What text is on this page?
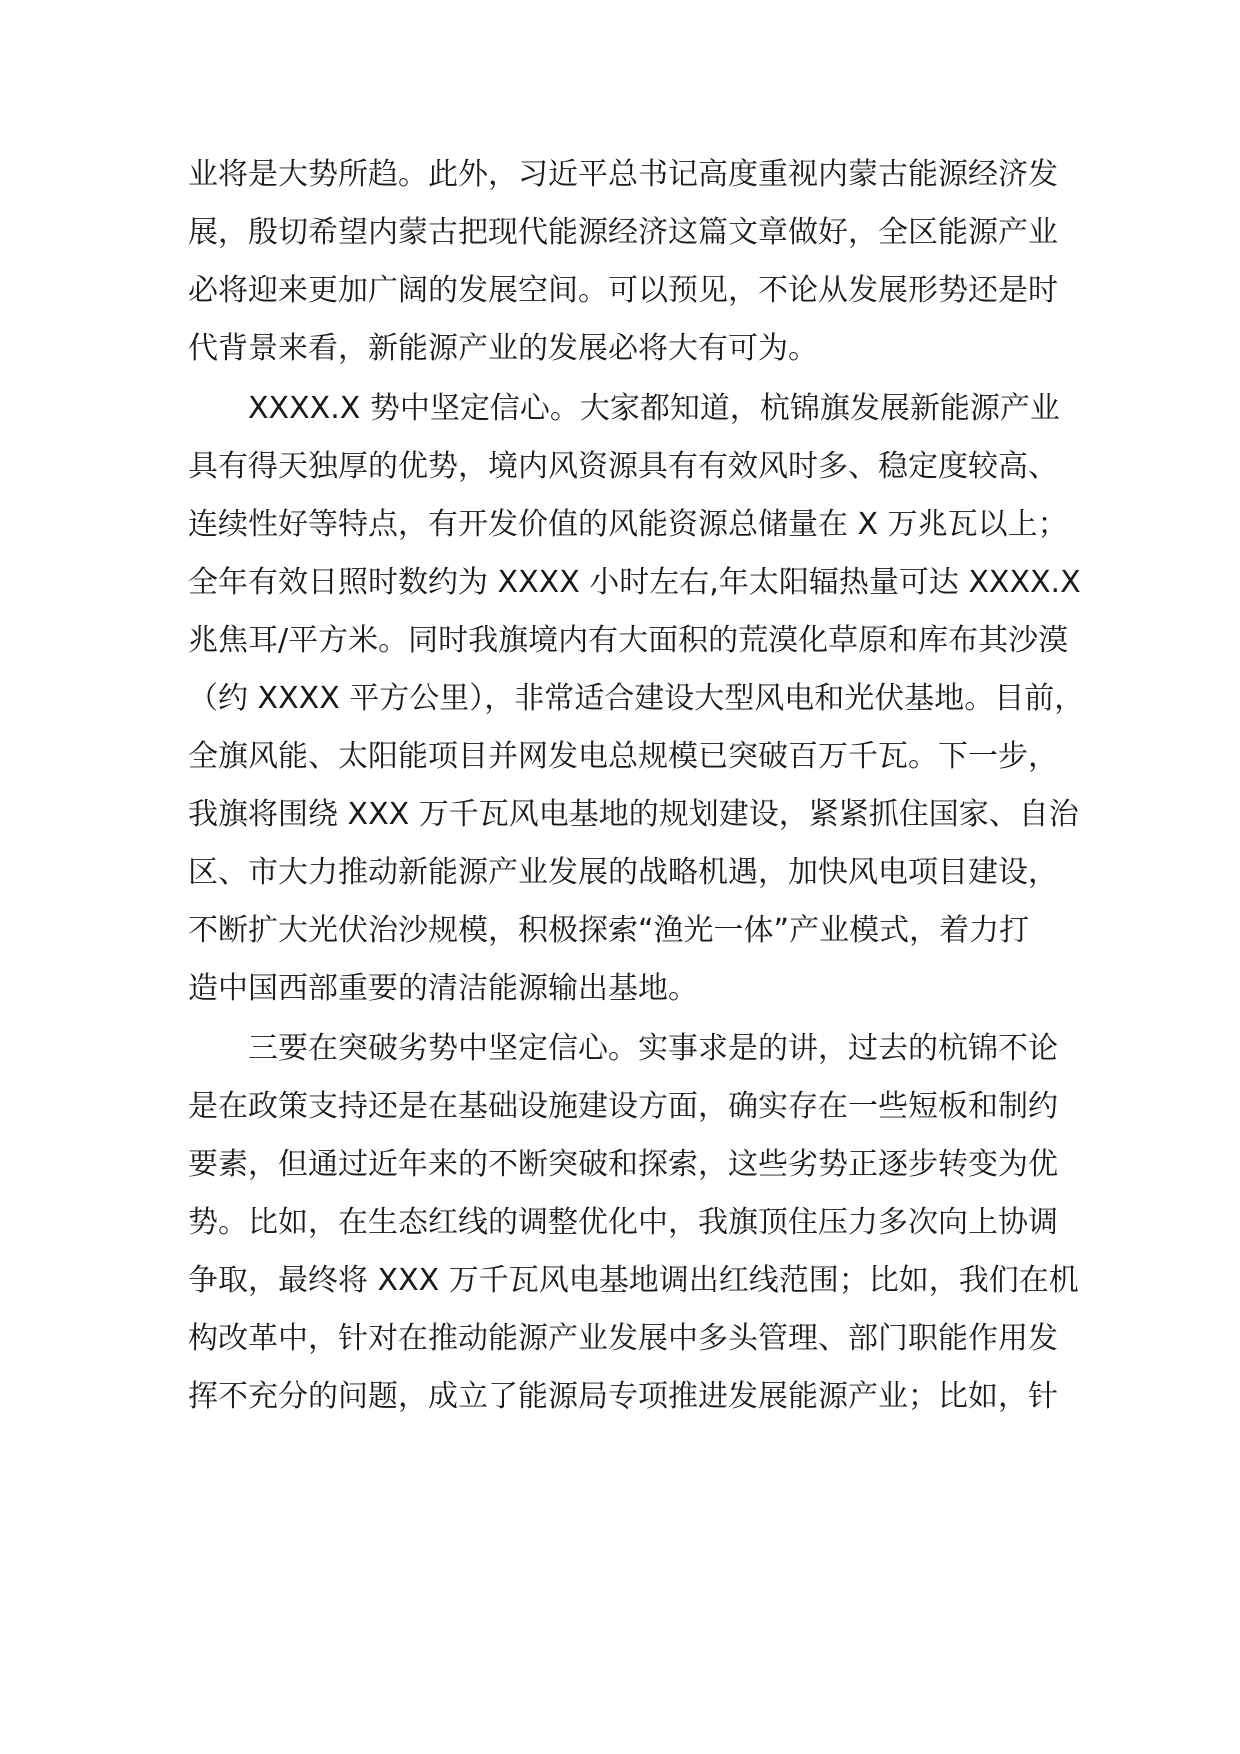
业将是大势所趋。此外，习近平总书记高度重视内蒙古能源经济发
展，殷切希望内蒙古把现代能源经济这篇文章做好，全区能源产业
必将迎来更加广阔的发展空间。可以预见，不论从发展形势还是时
代背景来看，新能源产业的发展必将大有可为。
XXXX.X 势中坚定信心。大家都知道，杭锦旗发展新能源产业
具有得天独厚的优势，境内风资源具有有效风时多、稳定度较高、
连续性好等特点，有开发价值的风能资源总储量在 X 万兆瓦以上；
全年有效日照时数约为 XXXX 小时左右,年太阳辐热量可达 XXXX.X
兆焦耳/平方米。同时我旗境内有大面积的荒漠化草原和库布其沙漠
（约 XXXX 平方公里），非常适合建设大型风电和光伏基地。目前，
全旗风能、太阳能项目并网发电总规模已突破百万千瓦。下一步，
我旗将围绕 XXX 万千瓦风电基地的规划建设，紧紧抓住国家、自治
区、市大力推动新能源产业发展的战略机遇，加快风电项目建设，
不断扩大光伏治沙规模，积极探索“渔光一体”产业模式，着力打
造中国西部重要的清洁能源输出基地。
三要在突破劣势中坚定信心。实事求是的讲，过去的杭锦不论
是在政策支持还是在基础设施建设方面，确实存在一些短板和制约
要素，但通过近年来的不断突破和探索，这些劣势正逐步转变为优
势。比如，在生态红线的调整优化中，我旗顶住压力多次向上协调
争取，最终将 XXX 万千瓦风电基地调出红线范围；比如，我们在机
构改革中，针对在推动能源产业发展中多头管理、部门职能作用发
挥不充分的问题，成立了能源局专项推进发展能源产业；比如，针
